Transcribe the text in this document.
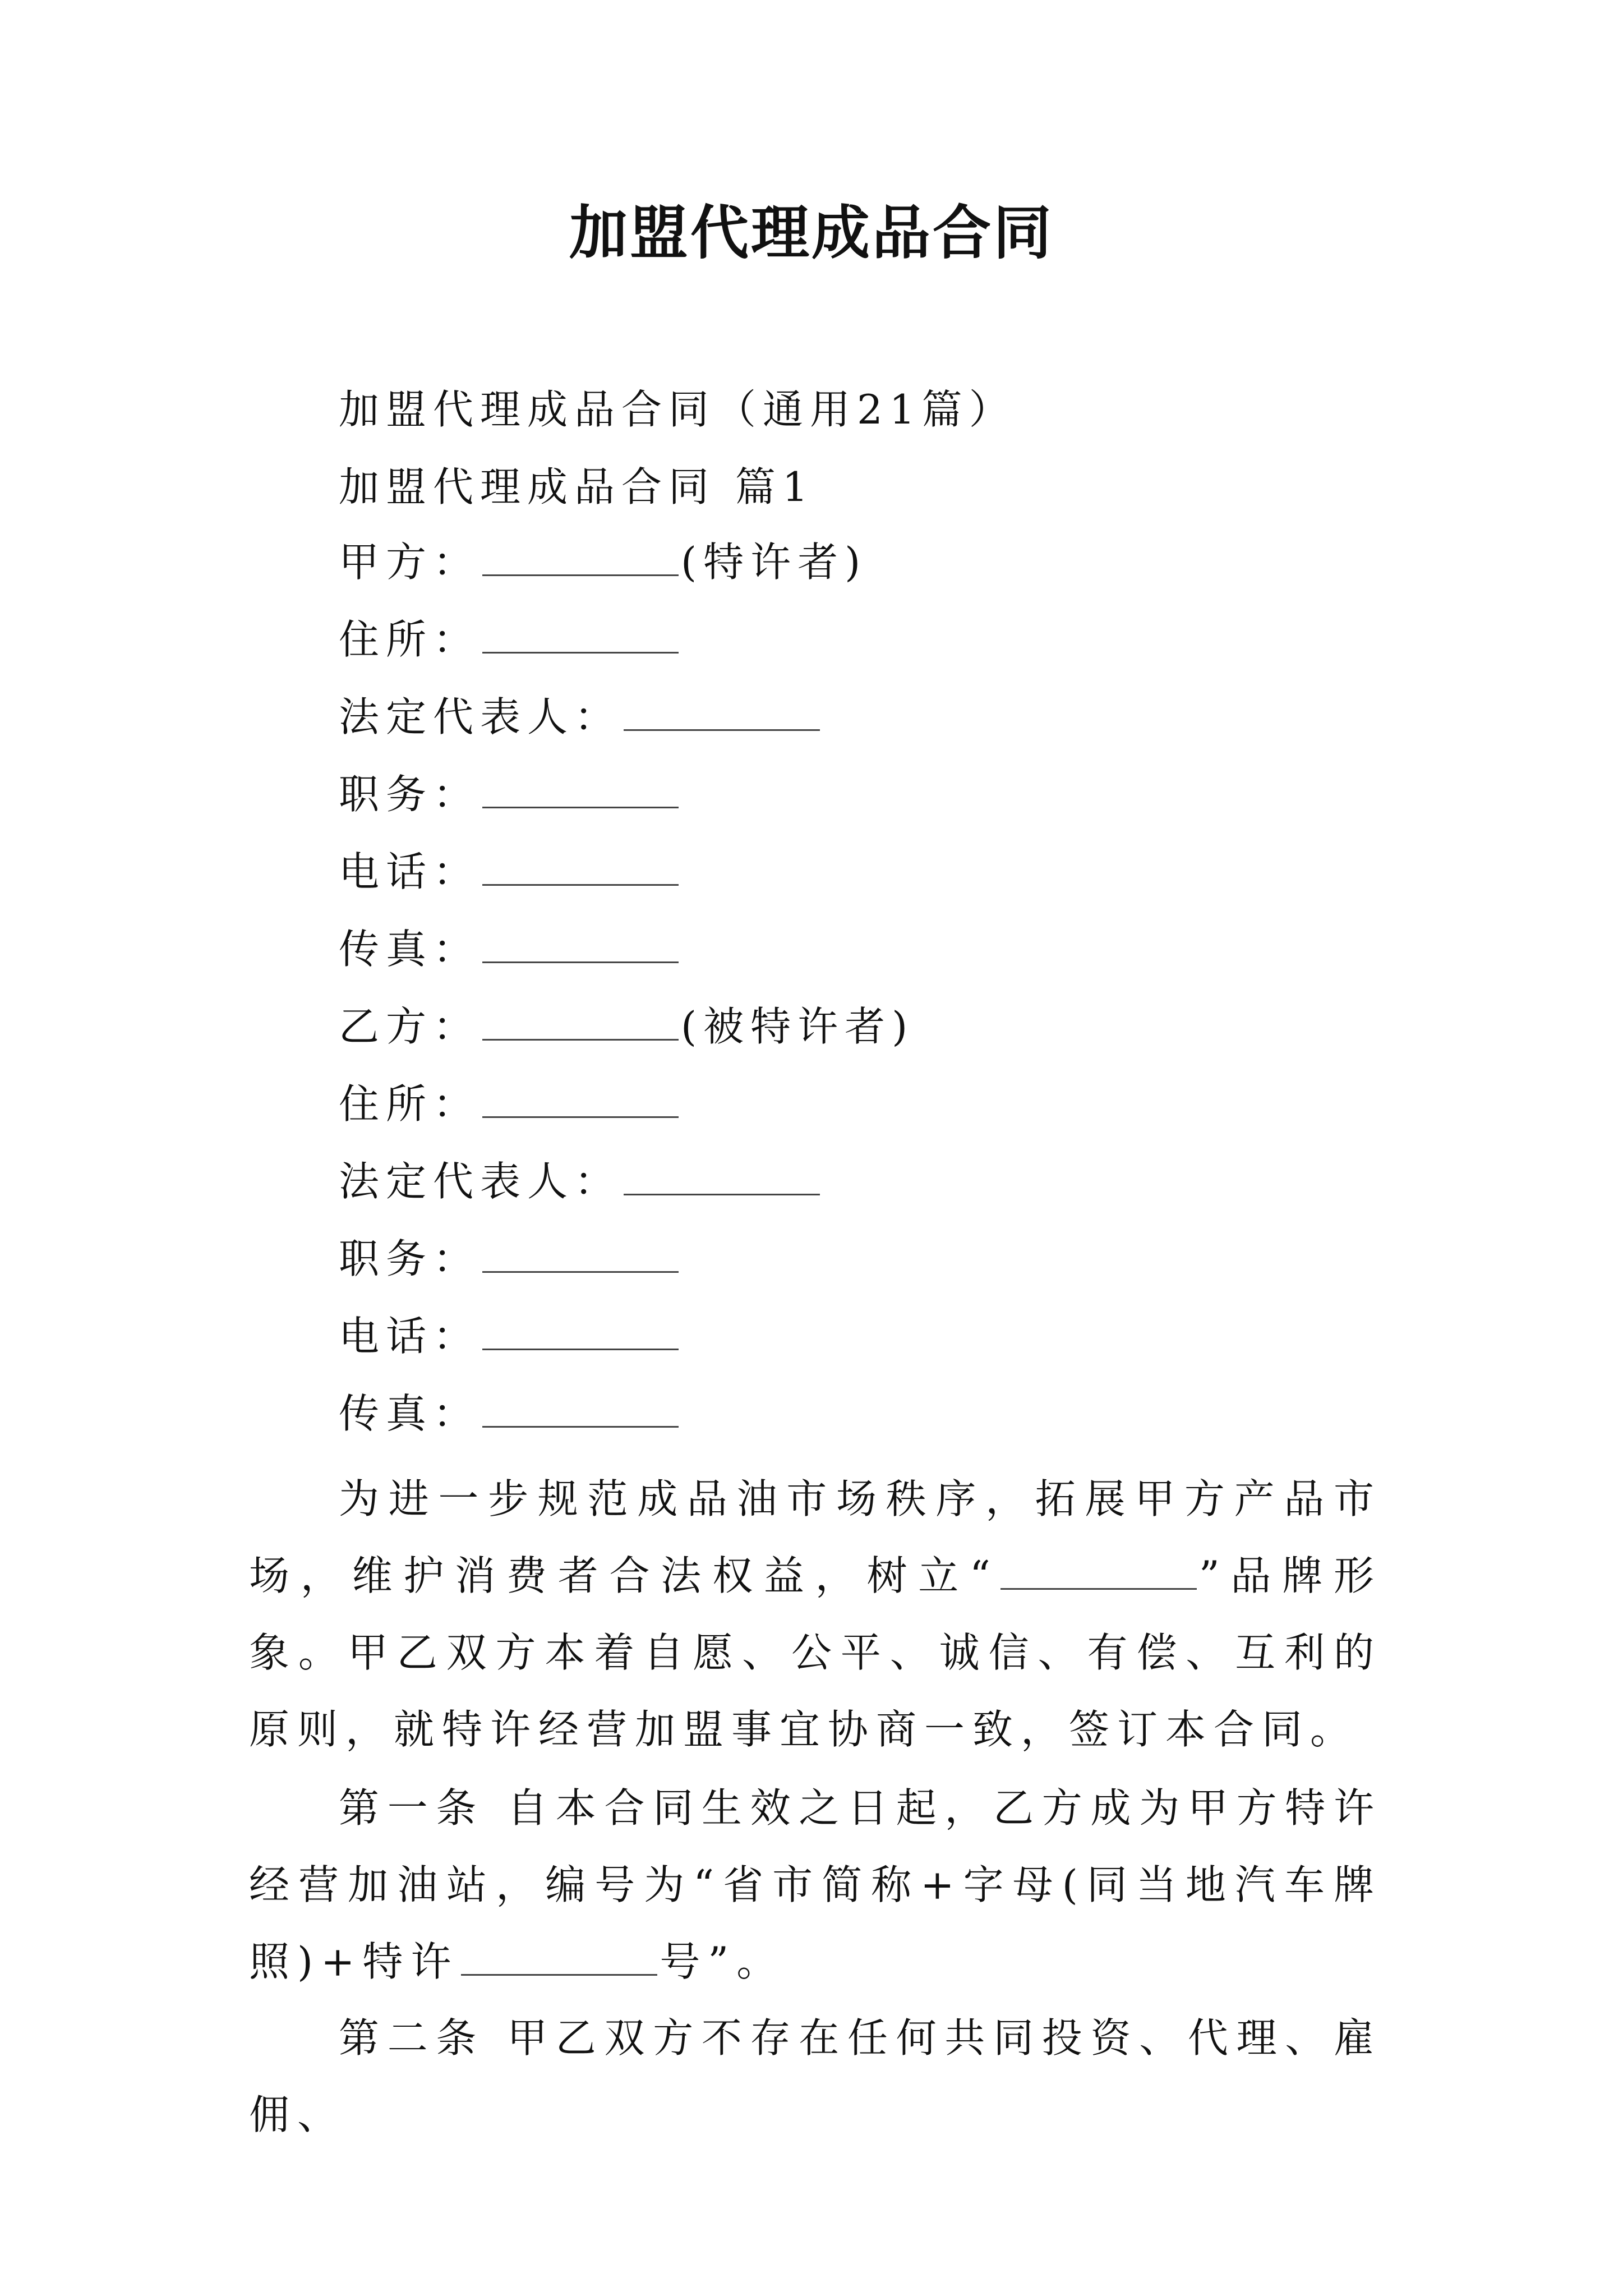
加盟代理成品合同
加盟代理成品合同（通用21篇）
加盟代理成品合同 篇1
甲方：	(特许者)
住所：
法定代表人：
职务：
电话：
传真：
乙方：	(被特许者)
住所：
法定代表人：
职务：
电话：
传真：
为进一步规范成品油市场秩序，拓展甲方产品市场，维护消费者合法权益，树立“	”品牌形象。甲乙双方本着自愿、公平、诚信、有偿、互利的原则，就特许经营加盟事宜协商一致，签订本合同。
第一条 自本合同生效之日起，乙方成为甲方特许经营加油站，编号为“省市简称+字母(同当地汽车牌照)+特许	号”。
第二条 甲乙双方不存在任何共同投资、代理、雇佣、
